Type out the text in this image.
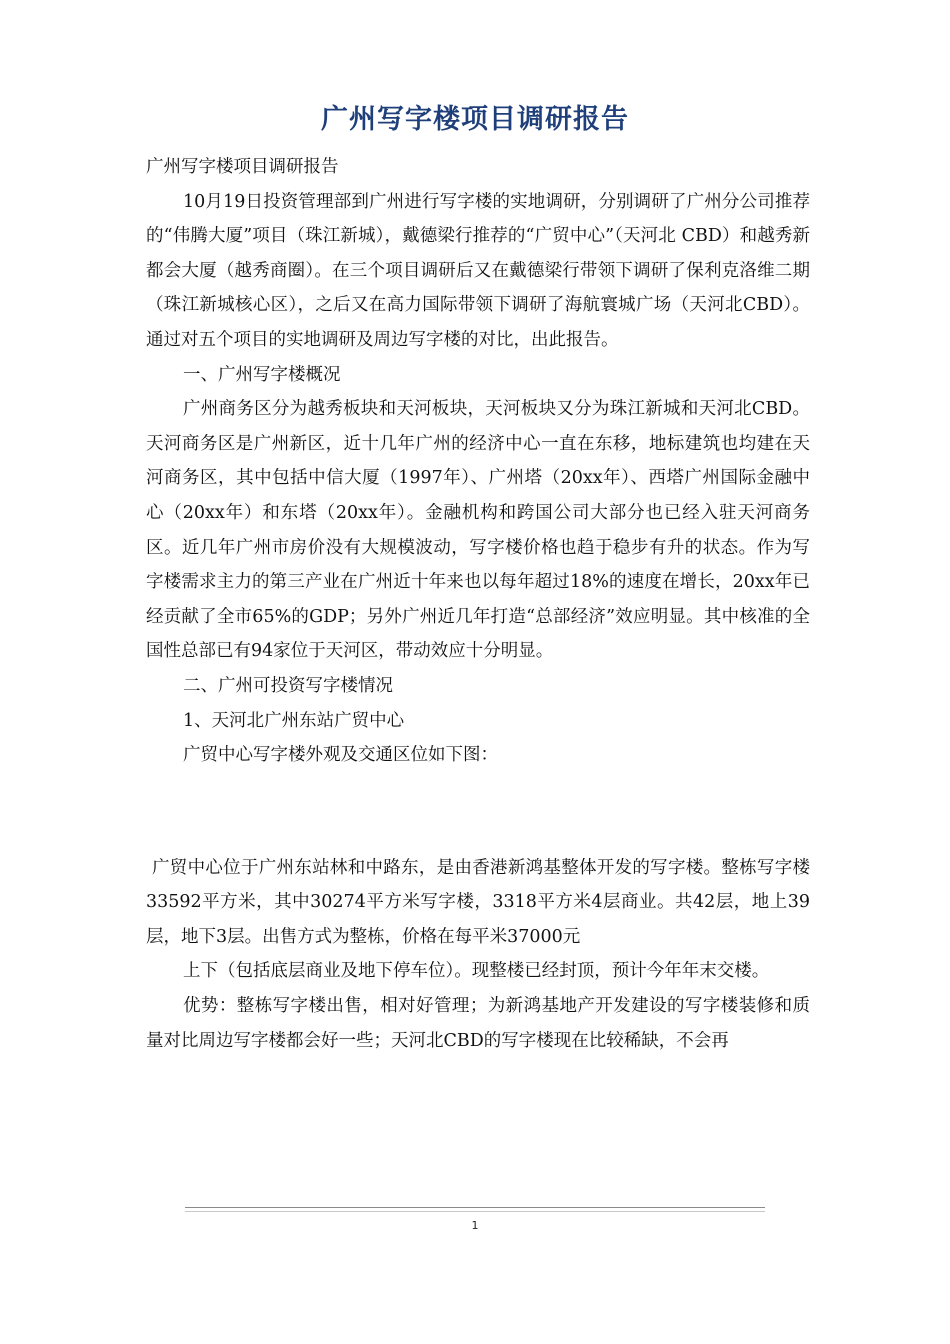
广州写字楼项目调研报告

广州写字楼项目调研报告

10月19日投资管理部到广州进行写字楼的实地调研，分别调研了广州分公司推荐的“伟腾大厦”项目（珠江新城），戴德梁行推荐的“广贸中心”（天河北 CBD）和越秀新都会大厦（越秀商圈）。在三个项目调研后又在戴德梁行带领下调研了保利克洛维二期（珠江新城核心区），之后又在高力国际带领下调研了海航寰城广场（天河北CBD）。通过对五个项目的实地调研及周边写字楼的对比，出此报告。

一、广州写字楼概况

广州商务区分为越秀板块和天河板块，天河板块又分为珠江新城和天河北CBD。天河商务区是广州新区，近十几年广州的经济中心一直在东移，地标建筑也均建在天河商务区，其中包括中信大厦（1997年）、广州塔（20xx年）、西塔广州国际金融中心（20xx年）和东塔（20xx年）。金融机构和跨国公司大部分也已经入驻天河商务区。近几年广州市房价没有大规模波动，写字楼价格也趋于稳步有升的状态。作为写字楼需求主力的第三产业在广州近十年来也以每年超过18%的速度在增长，20xx年已经贡献了全市65%的GDP；另外广州近几年打造“总部经济”效应明显。其中核准的全国性总部已有94家位于天河区，带动效应十分明显。

二、广州可投资写字楼情况

1、天河北广州东站广贸中心

广贸中心写字楼外观及交通区位如下图：

广贸中心位于广州东站林和中路东，是由香港新鸿基整体开发的写字楼。整栋写字楼33592平方米，其中30274平方米写字楼，3318平方米4层商业。共42层，地上39层，地下3层。出售方式为整栋，价格在每平米37000元

上下（包括底层商业及地下停车位）。现整楼已经封顶，预计今年年末交楼。

优势：整栋写字楼出售，相对好管理；为新鸿基地产开发建设的写字楼装修和质量对比周边写字楼都会好一些；天河北CBD的写字楼现在比较稀缺，不会再

1
